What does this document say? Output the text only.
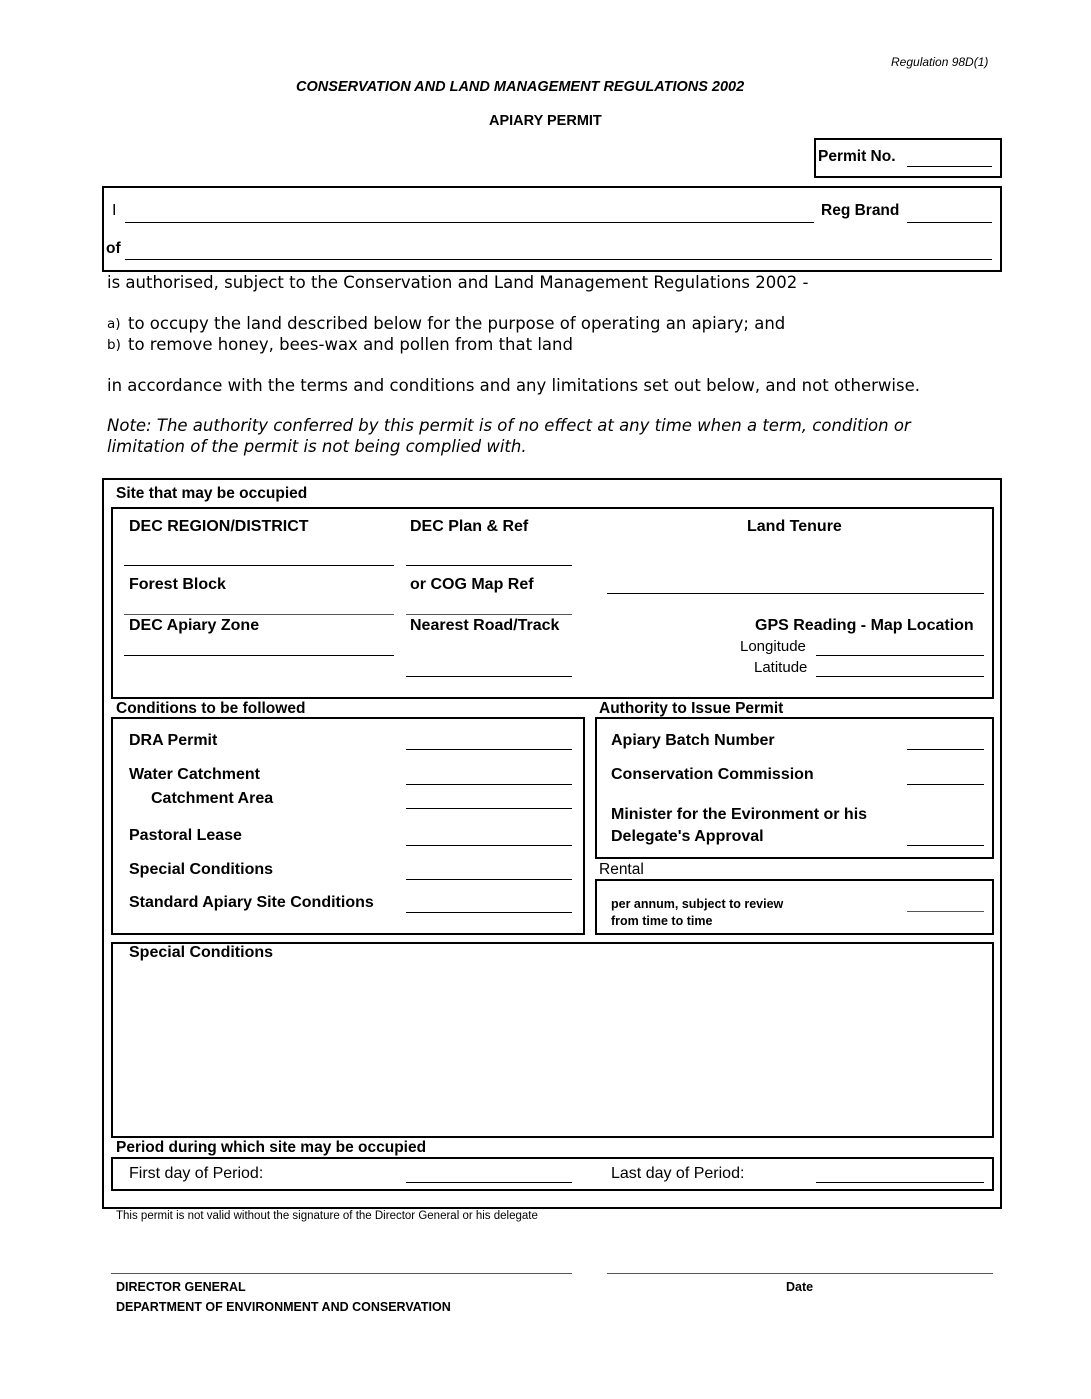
Regulation 98D(1)
CONSERVATION AND LAND MANAGEMENT REGULATIONS 2002
APIARY PERMIT
Permit No.
I	Reg Brand
of
is authorised, subject to the Conservation and Land Management Regulations 2002 -
a) to occupy the land described below for the purpose of operating an apiary; and
b) to remove honey, bees-wax and pollen from that land
in accordance with the terms and conditions and any limitations set out below, and not otherwise.
Note: The authority conferred by this permit is of no effect at any time when a term, condition or
limitation of the permit is not being complied with.
Site that may be occupied
DEC REGION/DISTRICT	DEC Plan & Ref	Land Tenure
Forest Block	or COG Map Ref
DEC Apiary Zone	Nearest Road/Track	GPS Reading - Map Location
Longitude
Latitude
Conditions to be followed
DRA Permit
Water Catchment
Catchment Area
Pastoral Lease
Special Conditions
Standard Apiary Site Conditions
Authority to Issue Permit
Apiary Batch Number
Conservation Commission
Minister for the Evironment or his
Delegate's Approval
Rental
per annum, subject to review
from time to time
Special Conditions
Period during which site may be occupied
First day of Period:	Last day of Period:
This permit is not valid without the signature of the Director General or his delegate
DIRECTOR GENERAL	Date
DEPARTMENT OF ENVIRONMENT AND CONSERVATION
